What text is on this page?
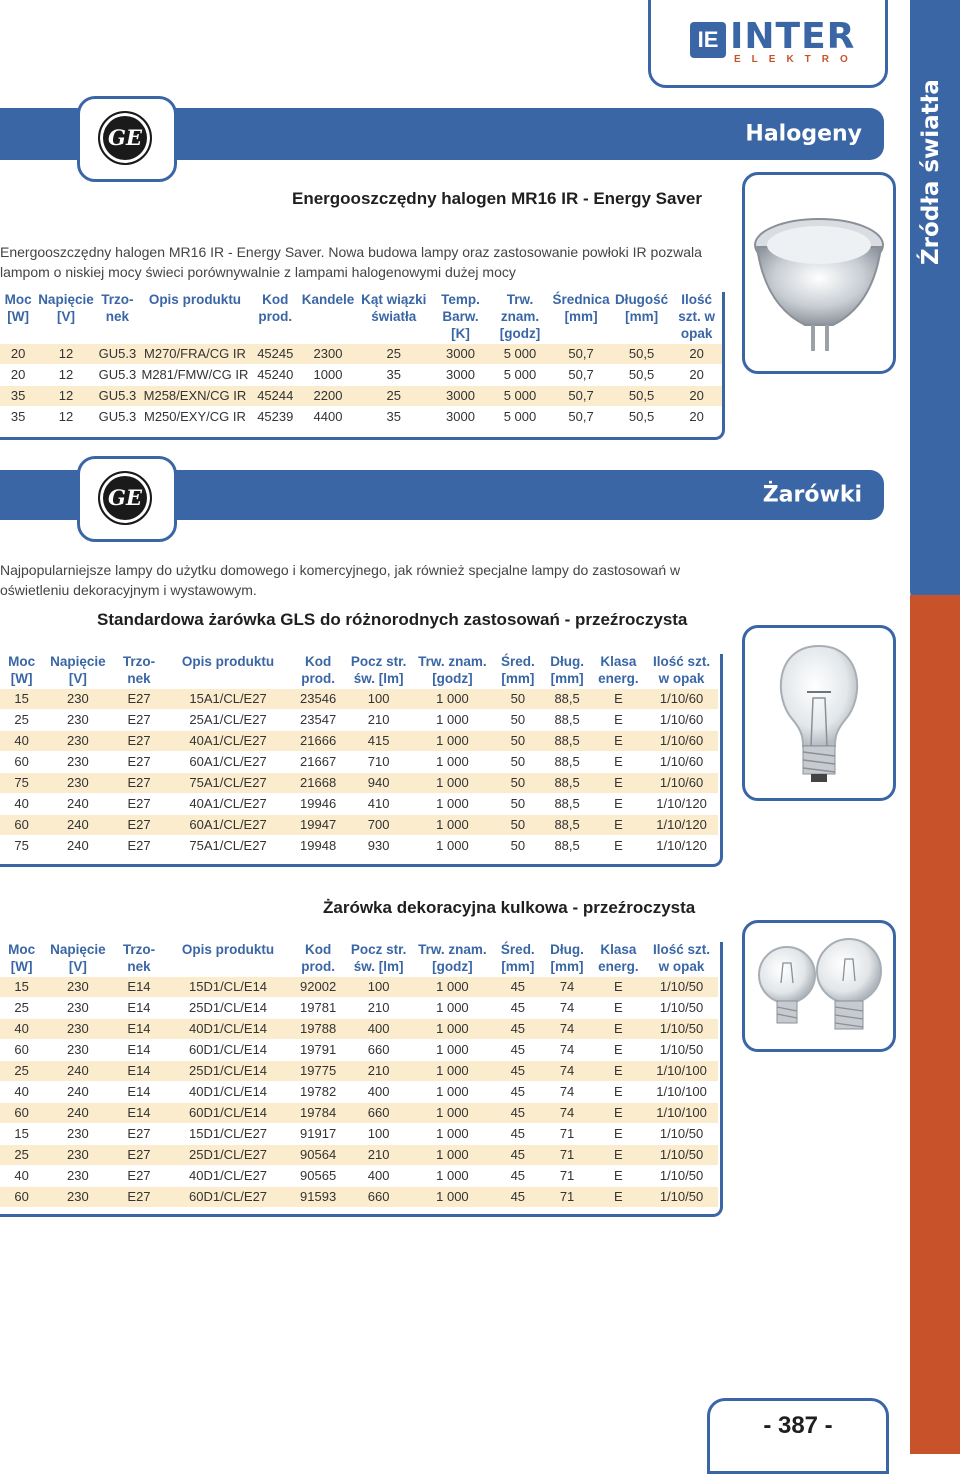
IE INTER
ELEKTRO
Halogeny
GE
Energooszczędny halogen MR16 IR - Energy Saver
Energooszczędny halogen MR16 IR - Energy Saver. Nowa budowa lampy oraz zastosowanie powłoki IR pozwala lampom o niskiej mocy świeci porównywalnie z lampami halogenowymi dużej mocy
Moc [W]	Napięcie [V]	Trzo-nek	Opis produktu	Kod prod.	Kandele	Kąt wiązki światła	Temp. Barw. [K]	Trw. znam. [godz]	Średnica [mm]	Długość [mm]	Ilość szt. w opak
20	12	GU5.3	M270/FRA/CG IR	45245	2300	25	3000	5 000	50,7	50,5	20
20	12	GU5.3	M281/FMW/CG IR	45240	1000	35	3000	5 000	50,7	50,5	20
35	12	GU5.3	M258/EXN/CG IR	45244	2200	25	3000	5 000	50,7	50,5	20
35	12	GU5.3	M250/EXY/CG IR	45239	4400	35	3000	5 000	50,7	50,5	20
Żarówki
GE
Najpopularniejsze lampy do użytku domowego i komercyjnego, jak również specjalne lampy do zastosowań w oświetleniu dekoracyjnym i wystawowym.
Standardowa żarówka GLS do różnorodnych zastosowań - przeźroczysta
Moc [W]	Napięcie [V]	Trzo-nek	Opis produktu	Kod prod.	Pocz str. św. [lm]	Trw. znam. [godz]	Śred. [mm]	Dług. [mm]	Klasa energ.	Ilość szt. w opak
15	230	E27	15A1/CL/E27	23546	100	1 000	50	88,5	E	1/10/60
25	230	E27	25A1/CL/E27	23547	210	1 000	50	88,5	E	1/10/60
40	230	E27	40A1/CL/E27	21666	415	1 000	50	88,5	E	1/10/60
60	230	E27	60A1/CL/E27	21667	710	1 000	50	88,5	E	1/10/60
75	230	E27	75A1/CL/E27	21668	940	1 000	50	88,5	E	1/10/60
40	240	E27	40A1/CL/E27	19946	410	1 000	50	88,5	E	1/10/120
60	240	E27	60A1/CL/E27	19947	700	1 000	50	88,5	E	1/10/120
75	240	E27	75A1/CL/E27	19948	930	1 000	50	88,5	E	1/10/120
Żarówka dekoracyjna kulkowa - przeźroczysta
Moc [W]	Napięcie [V]	Trzo-nek	Opis produktu	Kod prod.	Pocz str. św. [lm]	Trw. znam. [godz]	Śred. [mm]	Dług. [mm]	Klasa energ.	Ilość szt. w opak
15	230	E14	15D1/CL/E14	92002	100	1 000	45	74	E	1/10/50
25	230	E14	25D1/CL/E14	19781	210	1 000	45	74	E	1/10/50
40	230	E14	40D1/CL/E14	19788	400	1 000	45	74	E	1/10/50
60	230	E14	60D1/CL/E14	19791	660	1 000	45	74	E	1/10/50
25	240	E14	25D1/CL/E14	19775	210	1 000	45	74	E	1/10/100
40	240	E14	40D1/CL/E14	19782	400	1 000	45	74	E	1/10/100
60	240	E14	60D1/CL/E14	19784	660	1 000	45	74	E	1/10/100
15	230	E27	15D1/CL/E27	91917	100	1 000	45	71	E	1/10/50
25	230	E27	25D1/CL/E27	90564	210	1 000	45	71	E	1/10/50
40	230	E27	40D1/CL/E27	90565	400	1 000	45	71	E	1/10/50
60	230	E27	60D1/CL/E27	91593	660	1 000	45	71	E	1/10/50
- 387 -
